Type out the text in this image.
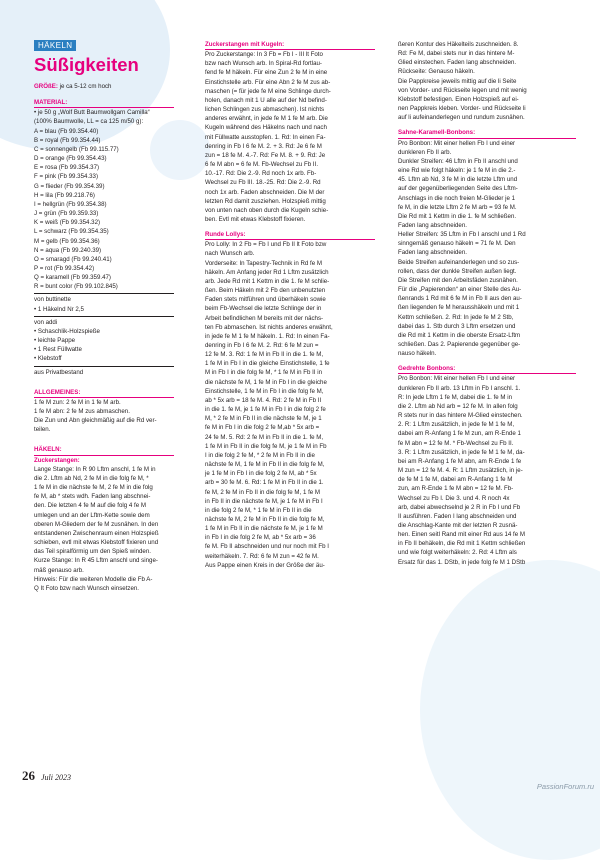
HÄKELN
Süßigkeiten
GRÖßE: je ca 5-12 cm hoch
MATERIAL:
• je 50 g „Wolf Butt Baumwollgarn Camilla“
(100% Baumwolle, LL = ca 125 m/50 g):
A = blau (Fb 99.354.40)
B = royal (Fb 99.354.44)
C = sonnengelb (Fb 99.115.77)
D = orange (Fb 99.354.43)
E = rosa (Fb 99.354.37)
F = pink (Fb 99.354.33)
G = flieder (Fb 99.354.39)
H = lila (Fb 99.218.76)
I = hellgrün (Fb 99.354.38)
J = grün (Fb 99.359.33)
K = weiß (Fb 99.354.32)
L = schwarz (Fb 99.354.35)
M = gelb (Fb 99.354.36)
N = aqua (Fb 99.240.39)
O = smaragd (Fb 99.240.41)
P = rot (Fb 99.354.42)
Q = karamell (Fb 99.359.47)
R = bunt color (Fb 99.102.845)
von buttinette
• 1 Häkelnd Nr 2,5
von addi
• Schaschlik-Holzspieße
• leichte Pappe
• 1 Rest Füllwatte
• Klebstoff
aus Privatbestand
ALLGEMEINES:
1 fe M zun: 2 fe M in 1 fe M arb.
1 fe M abn: 2 fe M zus abmaschen.
Die Zun und Abn gleichmäßig auf die Rd ver-
teilen.
HÄKELN:
Zuckerstangen:
Lange Stange: In R 90 Lftm anschl, 1 fe M in
die 2. Lftm ab Nd, 2 fe M in die folg fe M, *
1 fe M in die nächste fe M, 2 fe M in die folg
fe M, ab * stets wdh. Faden lang abschnei-
den. Die letzten 4 fe M auf die folg 4 fe M
umlegen und an der Lftm-Kette sowie dem
oberen M-Gliedern der fe M zusnähen. In den
entstandenen Zwischenraum einen Holzspieß
schieben, evtl mit etwas Klebstoff fixieren und
das Teil spiralförmig um den Spieß winden.
Kurze Stange: In R 45 Lftm anschl und singe-
mäß genauso arb.
Hinweis: Für die weiteren Modelle die Fb A-
Q It Foto bzw nach Wunsch einsetzen.
Zuckerstangen mit Kugeln:
Pro Zuckerstange: In 3 Fb = Fb I - III lt Foto
bzw nach Wunsch arb. In Spiral-Rd fortlau-
fend fe M häkeln. Für eine Zun 2 fe M in eine
Einstichstelle arb. Für eine Abn 2 fe M zus ab-
maschen (= für jede fe M eine Schlinge durch-
holen, danach mit 1 U alle auf der Nd befind-
lichen Schlingen zus abmaschen). Ist nichts
anderes erwähnt, in jede fe M 1 fe M arb. Die
Kugeln während des Häkelns nach und nach
mit Füllwatte ausstopfen. 1. Rd: In einen Fa-
denring in Fb I 6 fe M. 2. + 3. Rd: Je 6 fe M
zun = 18 fe M. 4.-7. Rd: Fe M. 8. + 9. Rd: Je
6 fe M abn = 6 fe M. Fb-Wechsel zu Fb II.
10.-17. Rd: Die 2.-9. Rd noch 1x arb. Fb-
Wechsel zu Fb III. 18.-25. Rd: Die 2.-9. Rd
noch 1x arb. Faden abschneiden. Die M der
letzten Rd damit zusziehen. Holzspieß mittig
von unten nach oben durch die Kugeln schie-
ben. Evtl mit etwas Klebstoff fixieren.
Runde Lollys:
Pro Lolly: In 2 Fb = Fb I und Fb II lt Foto bzw
nach Wunsch arb.
Vorderseite: In Tapestry-Technik in Rd fe M
häkeln. Am Anfang jeder Rd 1 Lftm zusätzlich
arb. Jede Rd mit 1 Kettm in die 1. fe M schlie-
ßen. Beim Häkeln mit 2 Fb den unbenutzten
Faden stets mitführen und überhäkeln sowie
beim Fb-Wechsel die letzte Schlinge der in
Arbeit befindlichen M bereits mit der nächs-
ten Fb abmaschen. Ist nichts anderes erwähnt,
in jede fe M 1 fe M häkeln. 1. Rd: In einen Fa-
denring in Fb I 6 fe M. 2. Rd: 6 fe M zun =
12 fe M. 3. Rd: 1 fe M in Fb II in die 1. fe M,
1 fe M in Fb I in die gleiche Einstichstelle, 1 fe
M in Fb I in die folg fe M, * 1 fe M in Fb II in
die nächste fe M, 1 fe M in Fb I in die gleiche
Einstichstelle, 1 fe M in Fb I in die folg fe M,
ab * 5x arb = 18 fe M. 4. Rd: 2 fe M in Fb II
in die 1. fe M, je 1 fe M in Fb I in die folg 2 fe
M, * 2 fe M in Fb II in die nächste fe M, je 1
fe M in Fb I in die folg 2 fe M,ab * 5x arb =
24 fe M. 5. Rd: 2 fe M in Fb II in die 1. fe M,
1 fe M in Fb II in die folg fe M, je 1 fe M in Fb
I in die folg 2 fe M, * 2 fe M in Fb II in die
nächste fe M, 1 fe M in Fb II in die folg fe M,
je 1 fe M in Fb I in die folg 2 fe M, ab * 5x
arb = 30 fe M. 6. Rd: 1 fe M in Fb II in die 1.
fe M, 2 fe M in Fb II in die folg fe M, 1 fe M
in Fb II in die nächste fe M, je 1 fe M in Fb I
in die folg 2 fe M, * 1 fe M in Fb II in die
nächste fe M, 2 fe M in Fb II in die folg fe M,
1 fe M in Fb II in die nächste fe M, je 1 fe M
in Fb I in die folg 2 fe M, ab * 5x arb = 36
fe M. Fb II abschneiden und nur noch mit Fb I
weiterhäkeln. 7. Rd: 6 fe M zun = 42 fe M.
Aus Pappe einen Kreis in der Größe der äu-
ßeren Kontur des Häkelteils zuschneiden. 8.
Rd: Fe M, dabei stets nur in das hintere M-
Glied einstechen. Faden lang abschneiden.
Rückseite: Genauso häkeln.
Die Pappkreise jeweils mittig auf die li Seite
von Vorder- und Rückseite legen und mit wenig
Klebstoff befestigen. Einen Holzspieß auf ei-
nen Pappkreis kleben. Vorder- und Rückseite li
auf li aufeinanderlegen und rundum zusnähen.
Sahne-Karamell-Bonbons:
Pro Bonbon: Mit einer hellen Fb I und einer
dunkleren Fb II arb.
Dunkler Streifen: 46 Lftm in Fb II anschl und
eine Rd wie folgt häkeln: je 1 fe M in die 2.-
45. Lftm ab Nd, 3 fe M in die letzte Lftm und
auf der gegenüberliegenden Seite des Lftm-
Anschlags in die noch freien M-Glieder je 1
fe M, in die letzte Lftm 2 fe M arb = 93 fe M.
Die Rd mit 1 Kettm in die 1. fe M schließen.
Faden lang abschneiden.
Heller Streifen: 35 Lftm in Fb I anschl und 1 Rd
sinngemäß genauso häkeln = 71 fe M. Den
Faden lang abschneiden.
Beide Streifen aufeinanderlegen und so zus-
rollen, dass der dunkle Streifen außen liegt.
Die Streifen mit den Arbeitsfäden zusnähen.
Für die „Papierenden“ an einer Stelle des Au-
ßenrands 1 Rd mit 6 fe M in Fb II aus den au-
ßen liegenden fe M herausshäkeln und mit 1
Kettm schließen. 2. Rd: In jede fe M 2 Stb,
dabei das 1. Stb durch 3 Lftm ersetzen und
die Rd mit 1 Kettm in die oberste Ersatz-Lftm
schließen. Das 2. Papierende gegenüber ge-
nauso häkeln.
Gedrehte Bonbons:
Pro Bonbon: Mit einer hellen Fb I und einer
dunkleren Fb II arb. 13 Lftm in Fb I anschl. 1.
R: In jede Lftm 1 fe M, dabei die 1. fe M in
die 2. Lftm ab Nd arb = 12 fe M. In allen folg
R stets nur in das hintere M-Glied einstechen.
2. R: 1 Lftm zusätzlich, in jede fe M 1 fe M,
dabei am R-Anfang 1 fe M zun, am R-Ende 1
fe M abn = 12 fe M. * Fb-Wechsel zu Fb II.
3. R: 1 Lftm zusätzlich, in jede fe M 1 fe M, da-
bei am R-Anfang 1 fe M abn, am R-Ende 1 fe
M zun = 12 fe M. 4. R: 1 Lftm zusätzlich, in je-
de fe M 1 fe M, dabei am R-Anfang 1 fe M
zun, am R-Ende 1 fe M abn = 12 fe M. Fb-
Wechsel zu Fb I. Die 3. und 4. R noch 4x
arb, dabei abwechselnd je 2 R in Fb I und Fb
II ausführen. Faden I lang abschneiden und
die Anschlag-Kante mit der letzten R zusnä-
hen. Einen seitl Rand mit einer Rd aus 14 fe M
in Fb II behäkeln, die Rd mit 1 Kettm schließen
und wie folgt weiterhäkeln: 2. Rd: 4 Lftm als
Ersatz für das 1. DStb, in jede folg fe M 1 DStb
26 Juli 2023
PassionForum.ru
